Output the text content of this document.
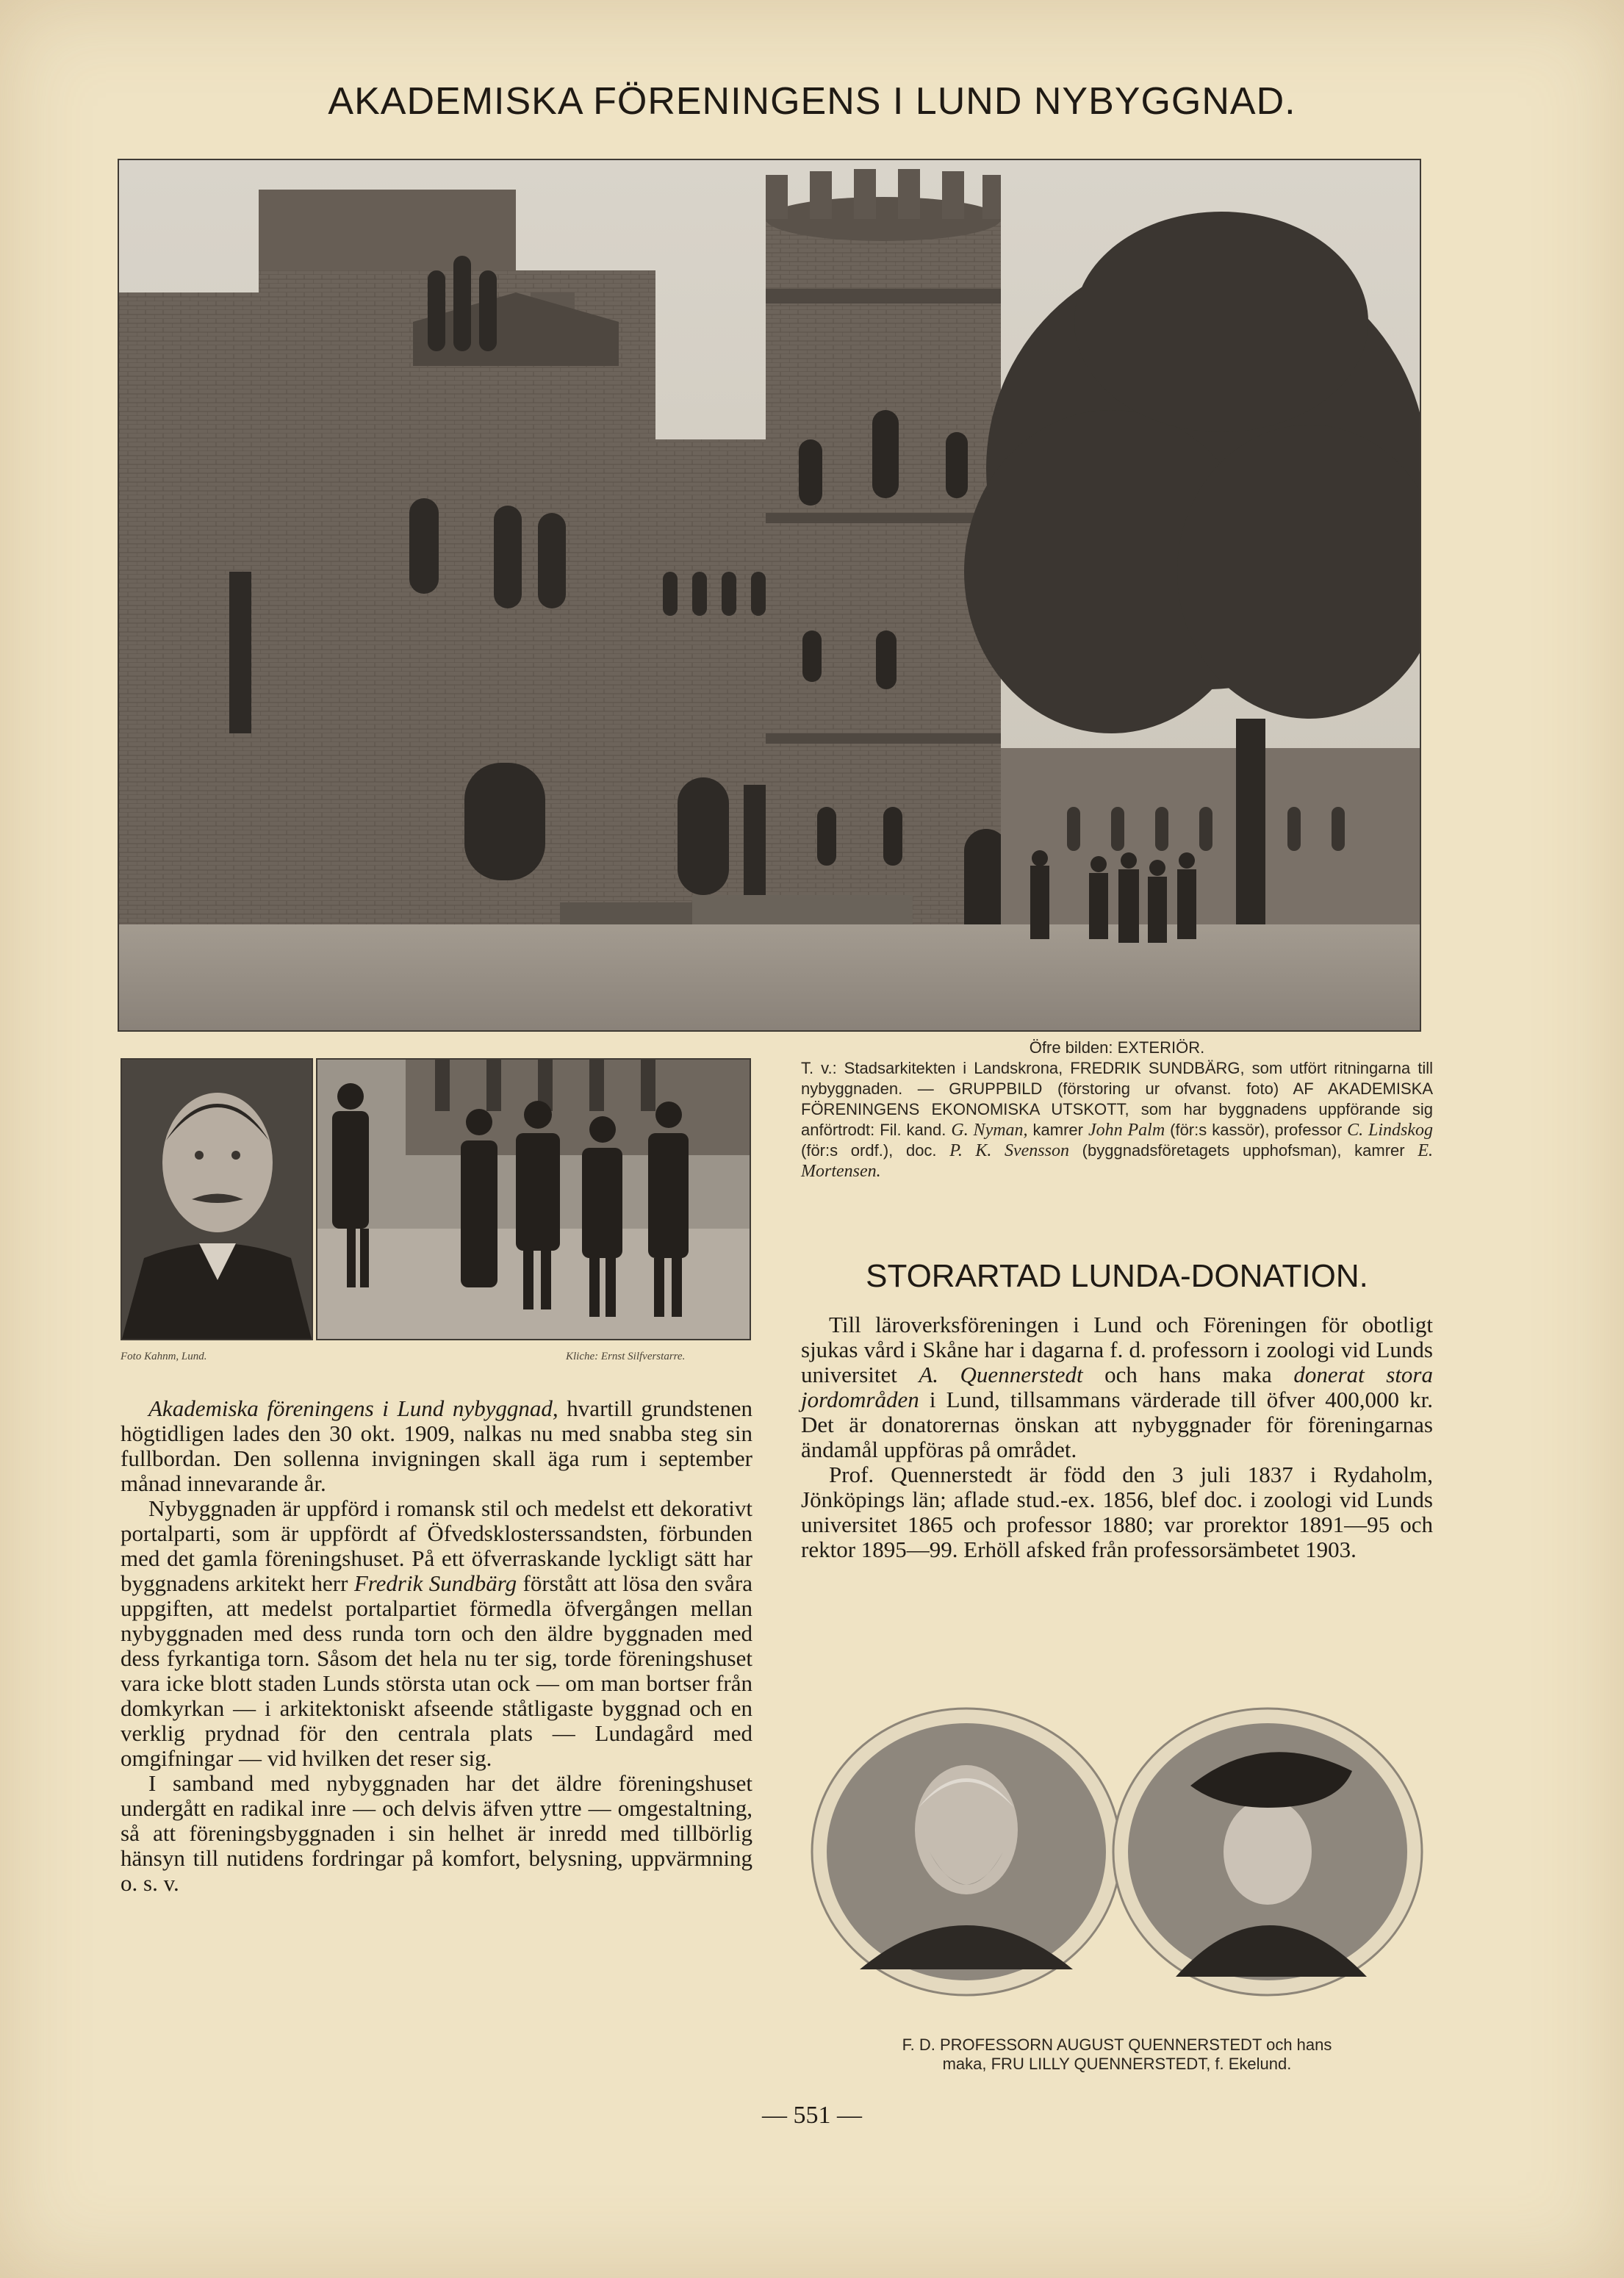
AKADEMISKA FÖRENINGENS I LUND NYBYGGNAD.
Foto Kahnm, Lund.	Kliche: Ernst Silfverstarre.
Öfre bilden: EXTERIÖR.
T. v.: Stadsarkitekten i Landskrona, FREDRIK SUNDBÄRG, som utfört ritningarna till nybyggnaden. — GRUPPBILD (förstoring ur ofvanst. foto) AF AKADEMISKA FÖRENINGENS EKONOMISKA UTSKOTT, som har byggnadens uppförande sig anförtrodt: Fil. kand. G. Nyman, kamrer John Palm (för:s kassör), professor C. Lindskog (för:s ordf.), doc. P. K. Svensson (byggnadsföretagets upphofsman), kamrer E. Mortensen.

Akademiska föreningens i Lund nybyggnad, hvartill grundstenen högtidligen lades den 30 okt. 1909, nalkas nu med snabba steg sin fullbordan. Den sollenna invigningen skall äga rum i september månad innevarande år.

Nybyggnaden är uppförd i romansk stil och medelst ett dekorativt portalparti, som är uppfördt af Öfvedsklosterssandsten, förbunden med det gamla föreningshuset. På ett öfverraskande lyckligt sätt har byggnadens arkitekt herr Fredrik Sundbärg förstått att lösa den svåra uppgiften, att medelst portalpartiet förmedla öfvergången mellan nybyggnaden med dess runda torn och den äldre byggnaden med dess fyrkantiga torn. Såsom det hela nu ter sig, torde föreningshuset vara icke blott staden Lunds största utan ock — om man bortser från domkyrkan — i arkitektoniskt afseende ståtligaste byggnad och en verklig prydnad för den centrala plats — Lundagård med omgifningar — vid hvilken det reser sig.

I samband med nybyggnaden har det äldre föreningshuset undergått en radikal inre — och delvis äfven yttre — omgestaltning, så att föreningsbyggnaden i sin helhet är inredd med tillbörlig hänsyn till nutidens fordringar på komfort, belysning, uppvärmning o. s. v.

STORARTAD LUNDA-DONATION.

Till läroverksföreningen i Lund och Föreningen för obotligt sjukas vård i Skåne har i dagarna f. d. professorn i zoologi vid Lunds universitet A. Quennerstedt och hans maka donerat stora jordområden i Lund, tillsammans värderade till öfver 400,000 kr. Det är donatorernas önskan att nybyggnader för föreningarnas ändamål uppföras på området.

Prof. Quennerstedt är född den 3 juli 1837 i Rydaholm, Jönköpings län; aflade stud.-ex. 1856, blef doc. i zoologi vid Lunds universitet 1865 och professor 1880; var prorektor 1891—95 och rektor 1895—99. Erhöll afsked från professorsämbetet 1903.

F. D. PROFESSORN AUGUST QUENNERSTEDT och hans
maka, FRU LILLY QUENNERSTEDT, f. Ekelund.
— 551 —
